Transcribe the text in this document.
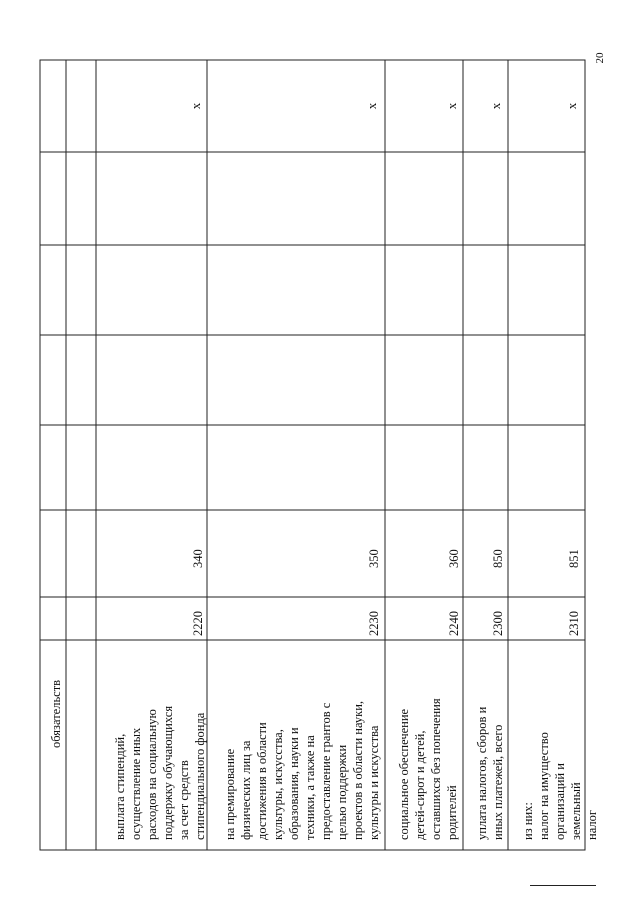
20
обязательств
выплата стипендий, осуществление иных расходов на социальную поддержку обучающихся за счет средств стипендиального фонда
2220
340
х
на премирование физических лиц за достижения в области культуры, искусства, образования, науки и техники, а также на предоставление грантов с целью поддержки проектов в области науки, культуры и искусства
2230
350
х
социальное обеспечение детей-сирот и детей, оставшихся без попечения родителей
2240
360
х
уплата налогов, сборов и иных платежей, всего
2300
850
х
из них: налог на имущество организаций и земельный налог
2310
851
х
